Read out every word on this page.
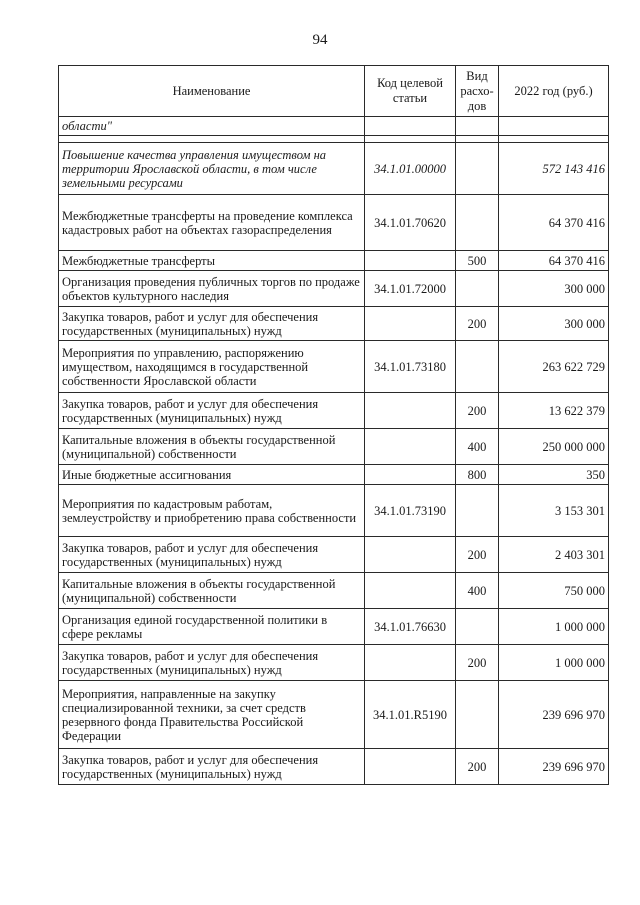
94
Наименование	Код целевой статьи	Вид расхо-дов	2022 год (руб.)
области"			

Повышение качества управления имуществом на территории Ярославской области, в том числе земельными ресурсами	34.1.01.00000		572 143 416
Межбюджетные трансферты на проведение комплекса кадастровых работ на объектах газораспределения	34.1.01.70620		64 370 416
Межбюджетные трансферты		500	64 370 416
Организация проведения публичных торгов по продаже объектов культурного наследия	34.1.01.72000		300 000
Закупка товаров, работ и услуг для обеспечения государственных (муниципальных) нужд		200	300 000
Мероприятия по управлению, распоряжению имуществом, находящимся в государственной собственности Ярославской области	34.1.01.73180		263 622 729
Закупка товаров, работ и услуг для обеспечения государственных (муниципальных) нужд		200	13 622 379
Капитальные вложения в объекты государственной (муниципальной) собственности		400	250 000 000
Иные бюджетные ассигнования		800	350
Мероприятия по кадастровым работам, землеустройству и приобретению права собственности	34.1.01.73190		3 153 301
Закупка товаров, работ и услуг для обеспечения государственных (муниципальных) нужд		200	2 403 301
Капитальные вложения в объекты государственной (муниципальной) собственности		400	750 000
Организация единой государственной политики в сфере рекламы	34.1.01.76630		1 000 000
Закупка товаров, работ и услуг для обеспечения государственных (муниципальных) нужд		200	1 000 000
Мероприятия, направленные на закупку специализированной техники, за счет средств резервного фонда Правительства Российской Федерации	34.1.01.R5190		239 696 970
Закупка товаров, работ и услуг для обеспечения государственных (муниципальных) нужд		200	239 696 970
